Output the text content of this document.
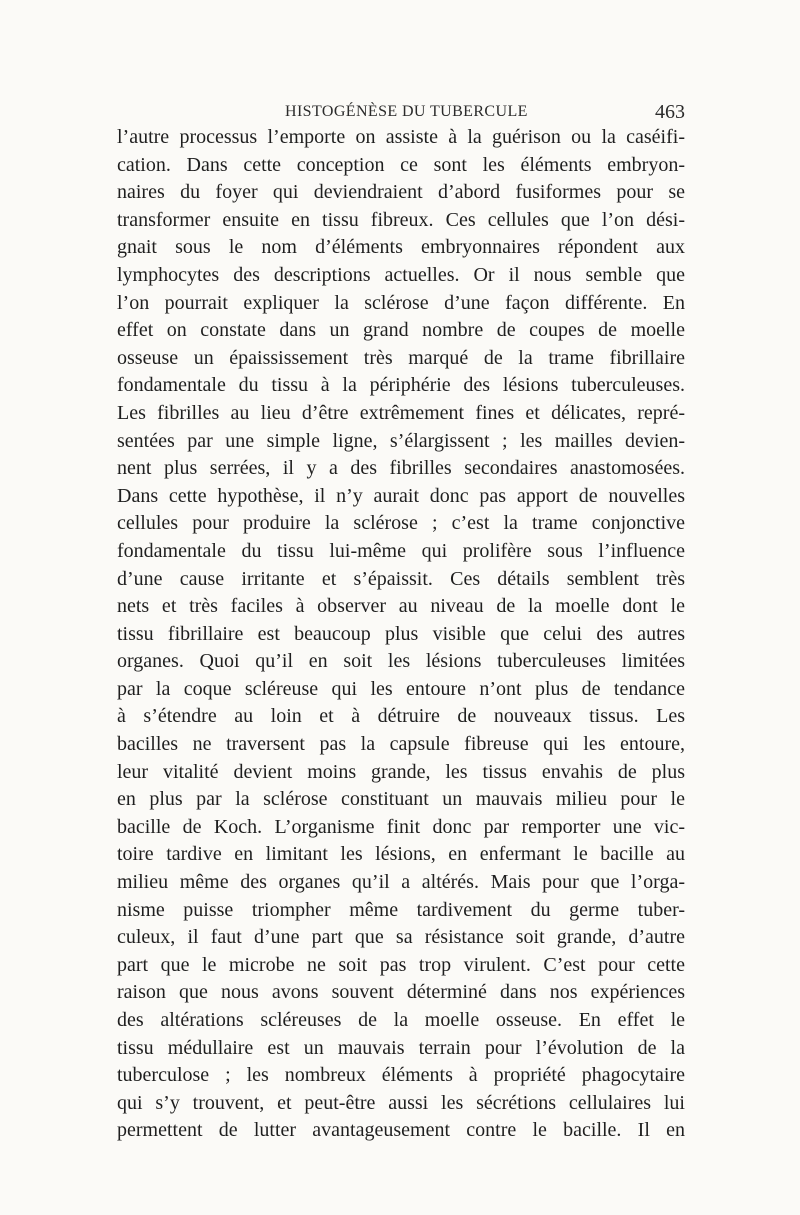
HISTOGÉNÈSE DU TUBERCULE	463
l’autre processus l’emporte on assiste à la guérison ou la caséifi-
cation. Dans cette conception ce sont les éléments embryon-
naires du foyer qui deviendraient d’abord fusiformes pour se
transformer ensuite en tissu fibreux. Ces cellules que l’on dési-
gnait sous le nom d’éléments embryonnaires répondent aux
lymphocytes des descriptions actuelles. Or il nous semble que
l’on pourrait expliquer la sclérose d’une façon différente. En
effet on constate dans un grand nombre de coupes de moelle
osseuse un épaississement très marqué de la trame fibrillaire
fondamentale du tissu à la périphérie des lésions tuberculeuses.
Les fibrilles au lieu d’être extrêmement fines et délicates, repré-
sentées par une simple ligne, s’élargissent ; les mailles devien-
nent plus serrées, il y a des fibrilles secondaires anastomosées.
Dans cette hypothèse, il n’y aurait donc pas apport de nouvelles
cellules pour produire la sclérose ; c’est la trame conjonctive
fondamentale du tissu lui-même qui prolifère sous l’influence
d’une cause irritante et s’épaissit. Ces détails semblent très
nets et très faciles à observer au niveau de la moelle dont le
tissu fibrillaire est beaucoup plus visible que celui des autres
organes. Quoi qu’il en soit les lésions tuberculeuses limitées
par la coque scléreuse qui les entoure n’ont plus de tendance
à s’étendre au loin et à détruire de nouveaux tissus. Les
bacilles ne traversent pas la capsule fibreuse qui les entoure,
leur vitalité devient moins grande, les tissus envahis de plus
en plus par la sclérose constituant un mauvais milieu pour le
bacille de Koch. L’organisme finit donc par remporter une vic-
toire tardive en limitant les lésions, en enfermant le bacille au
milieu même des organes qu’il a altérés. Mais pour que l’orga-
nisme puisse triompher même tardivement du germe tuber-
culeux, il faut d’une part que sa résistance soit grande, d’autre
part que le microbe ne soit pas trop virulent. C’est pour cette
raison que nous avons souvent déterminé dans nos expériences
des altérations scléreuses de la moelle osseuse. En effet le
tissu médullaire est un mauvais terrain pour l’évolution de la
tuberculose ; les nombreux éléments à propriété phagocytaire
qui s’y trouvent, et peut-être aussi les sécrétions cellulaires lui
permettent de lutter avantageusement contre le bacille. Il en
